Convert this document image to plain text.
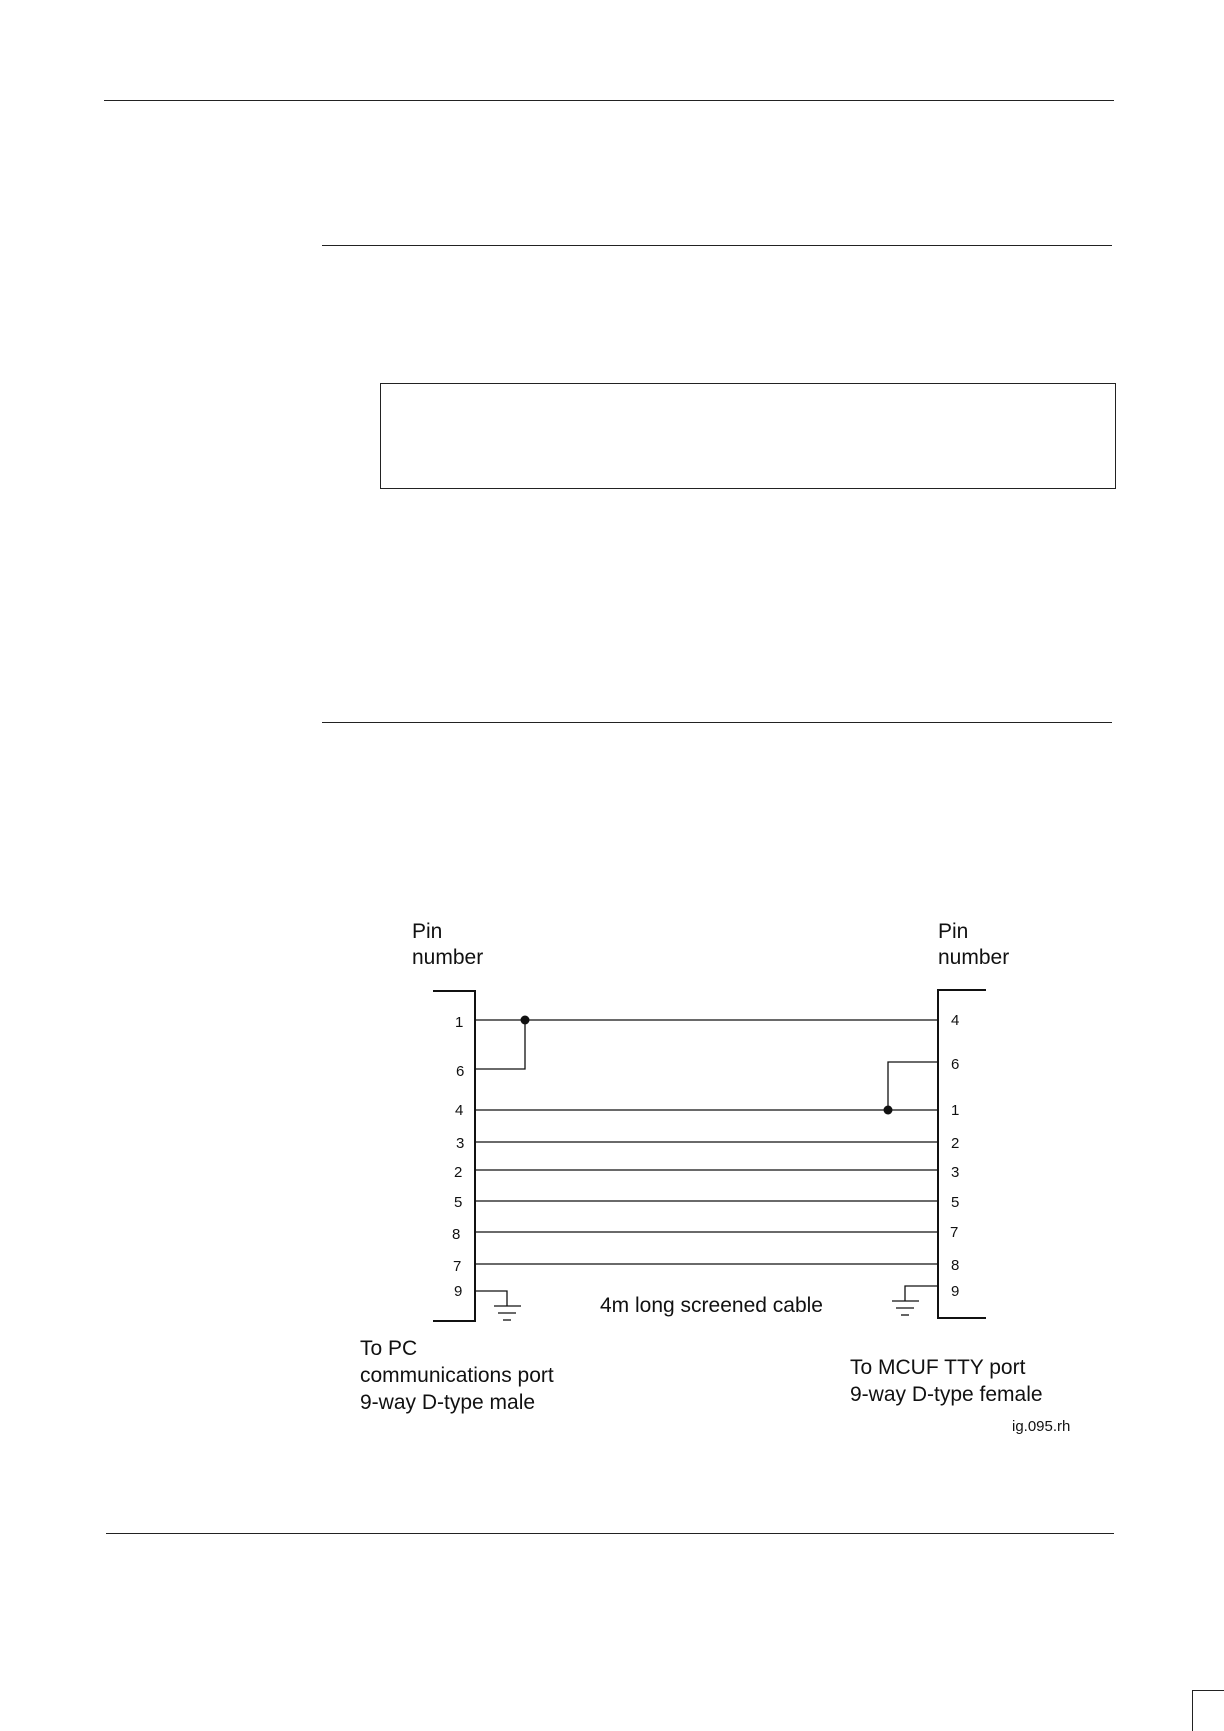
Pin
number
Pin
number
1
6
4
3
2
5
8
7
9
4
6
1
2
3
5
7
8
9
4m long screened cable
To PC
communications port
9-way D-type male
To MCUF TTY port
9-way D-type female
ig.095.rh
